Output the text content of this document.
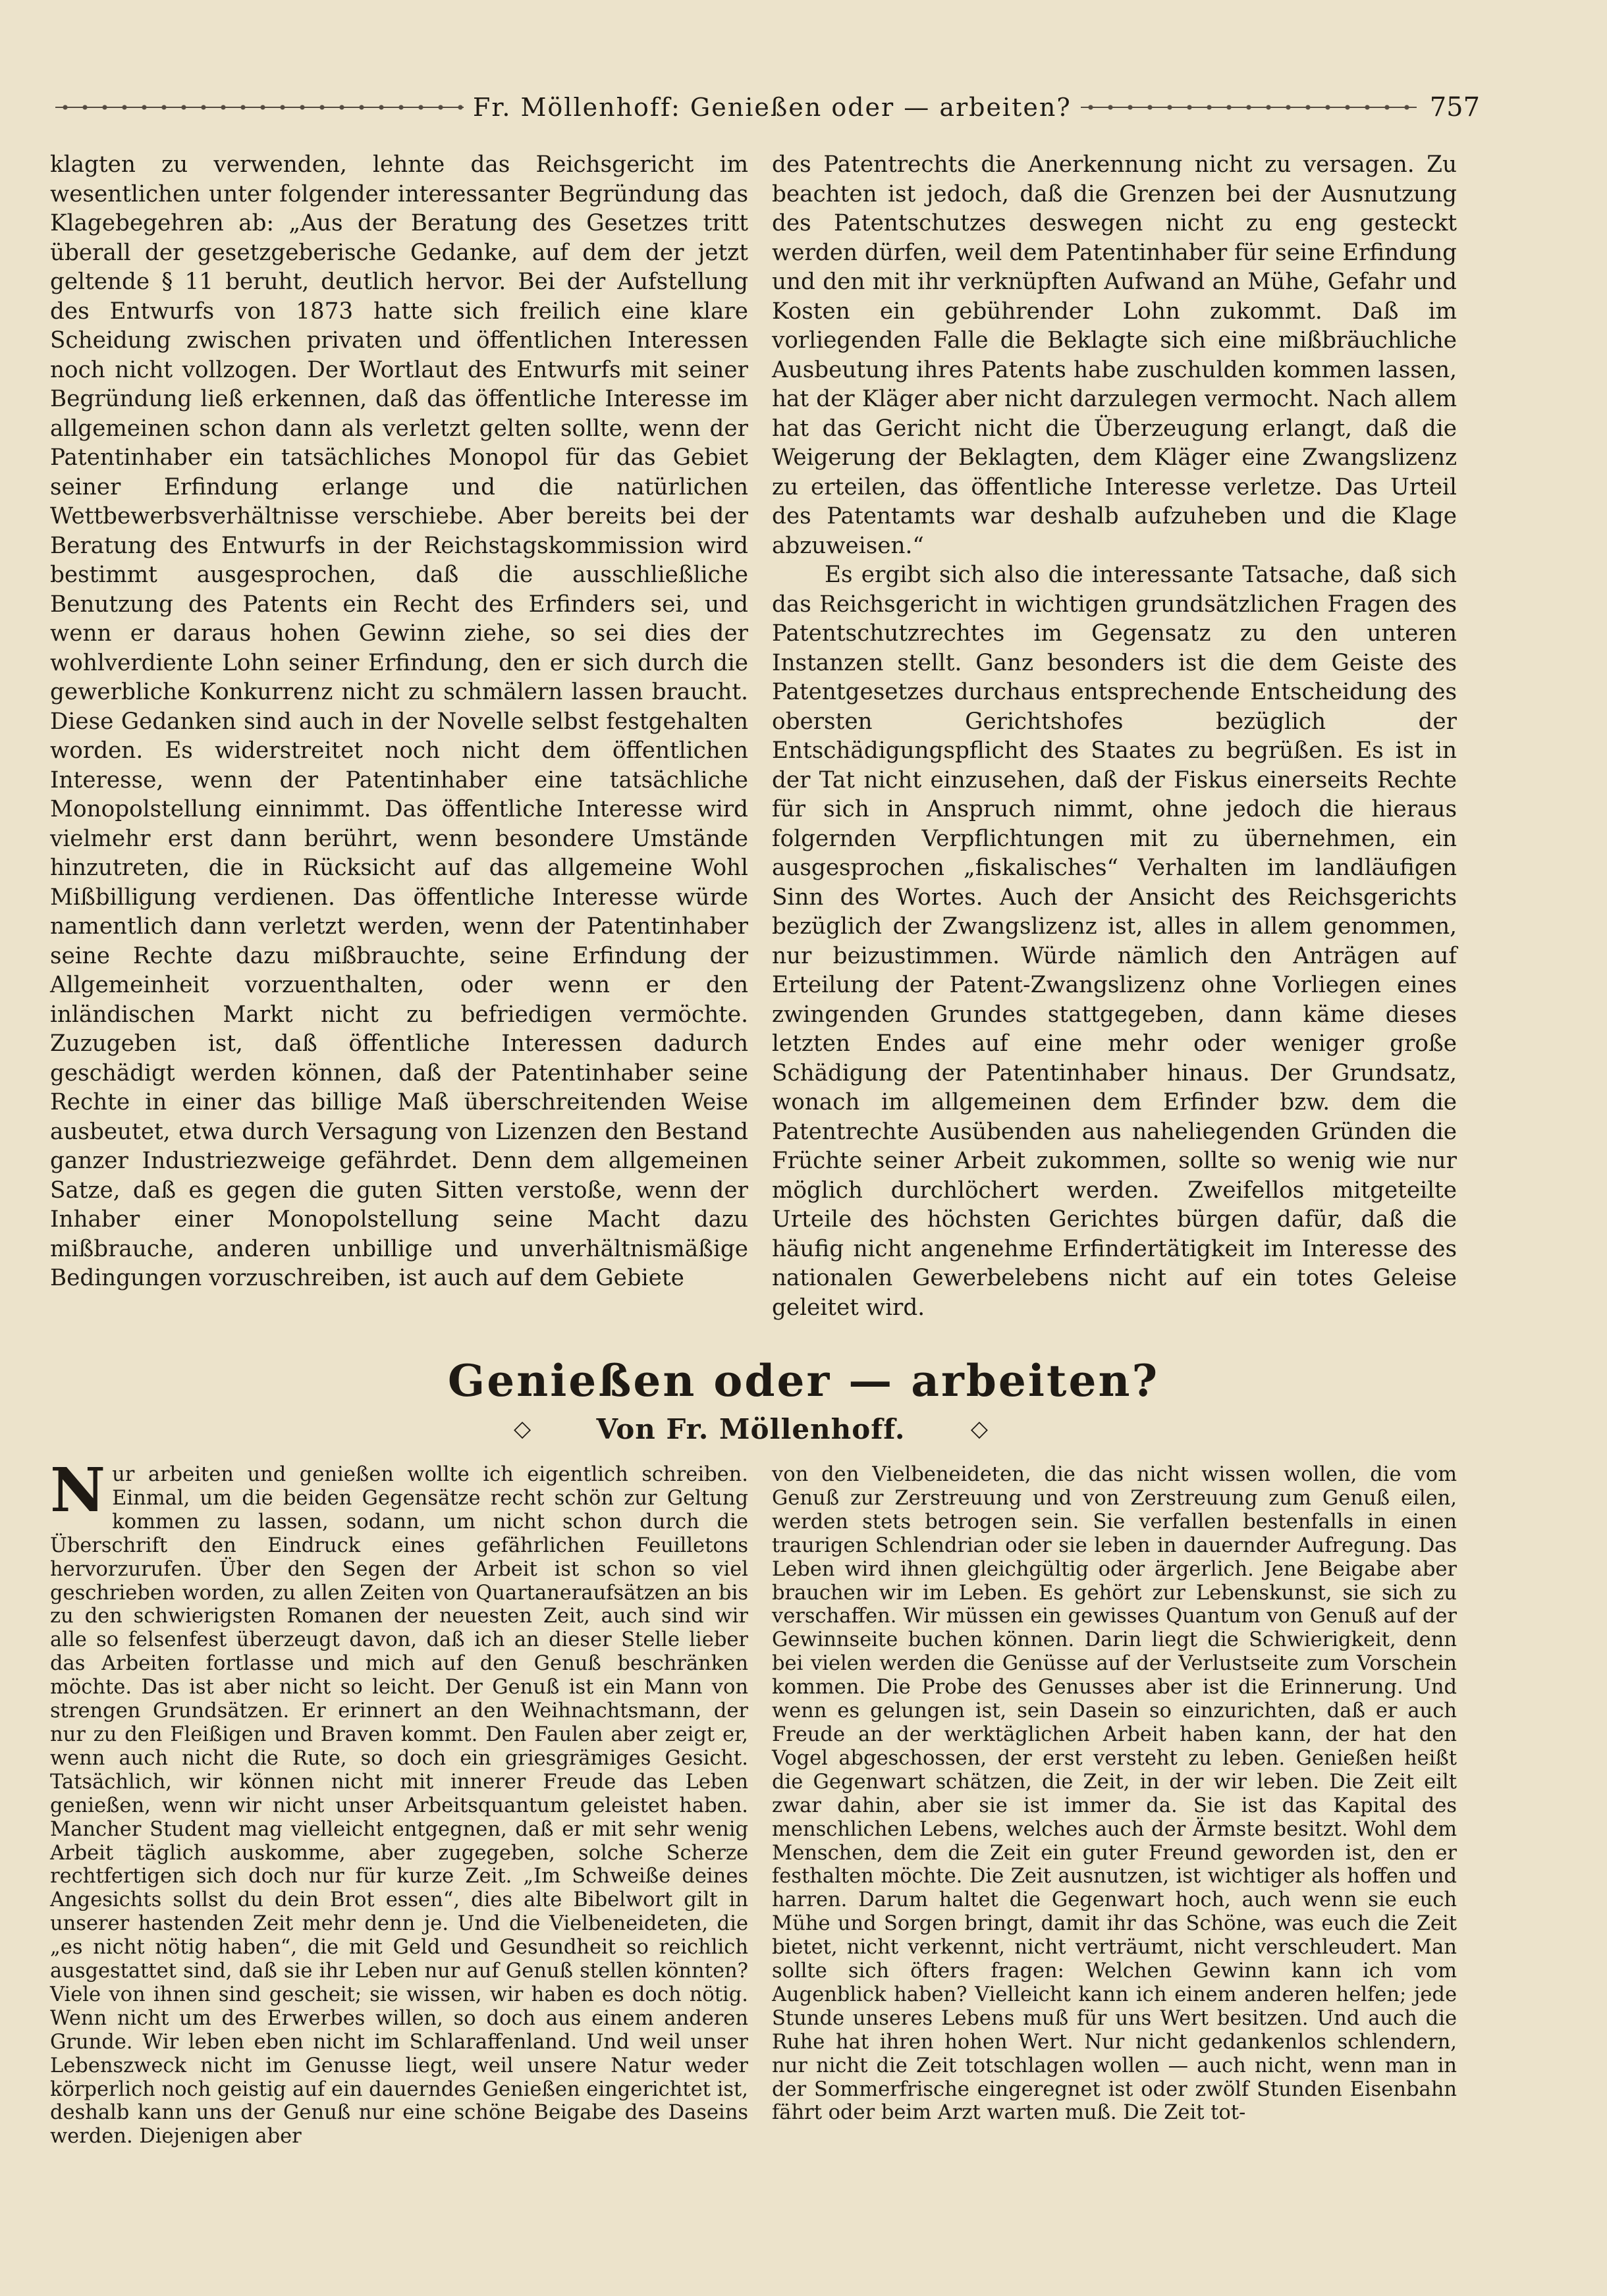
Fr. Möllenhoff: Genießen oder — arbeiten?	757

klagten zu verwenden, lehnte das Reichsgericht im wesentlichen unter folgender interessanter Begründung das Klagebegehren ab: „Aus der Beratung des Gesetzes tritt überall der gesetzgeberische Gedanke, auf dem der jetzt geltende § 11 beruht, deutlich hervor. Bei der Aufstellung des Entwurfs von 1873 hatte sich freilich eine klare Scheidung zwischen privaten und öffentlichen Interessen noch nicht vollzogen. Der Wortlaut des Entwurfs mit seiner Begründung ließ erkennen, daß das öffentliche Interesse im allgemeinen schon dann als verletzt gelten sollte, wenn der Patentinhaber ein tatsächliches Monopol für das Gebiet seiner Erfindung erlange und die natürlichen Wettbewerbsverhältnisse verschiebe. Aber bereits bei der Beratung des Entwurfs in der Reichstagskommission wird bestimmt ausgesprochen, daß die ausschließliche Benutzung des Patents ein Recht des Erfinders sei, und wenn er daraus hohen Gewinn ziehe, so sei dies der wohlverdiente Lohn seiner Erfindung, den er sich durch die gewerbliche Konkurrenz nicht zu schmälern lassen braucht. Diese Gedanken sind auch in der Novelle selbst festgehalten worden. Es widerstreitet noch nicht dem öffentlichen Interesse, wenn der Patentinhaber eine tatsächliche Monopolstellung einnimmt. Das öffentliche Interesse wird vielmehr erst dann berührt, wenn besondere Umstände hinzutreten, die in Rücksicht auf das allgemeine Wohl Mißbilligung verdienen. Das öffentliche Interesse würde namentlich dann verletzt werden, wenn der Patentinhaber seine Rechte dazu mißbrauchte, seine Erfindung der Allgemeinheit vorzuenthalten, oder wenn er den inländischen Markt nicht zu befriedigen vermöchte. Zuzugeben ist, daß öffentliche Interessen dadurch geschädigt werden können, daß der Patentinhaber seine Rechte in einer das billige Maß überschreitenden Weise ausbeutet, etwa durch Versagung von Lizenzen den Bestand ganzer Industriezweige gefährdet. Denn dem allgemeinen Satze, daß es gegen die guten Sitten verstoße, wenn der Inhaber einer Monopolstellung seine Macht dazu mißbrauche, anderen unbillige und unverhältnismäßige Bedingungen vorzuschreiben, ist auch auf dem Gebiete

des Patentrechts die Anerkennung nicht zu versagen. Zu beachten ist jedoch, daß die Grenzen bei der Ausnutzung des Patentschutzes deswegen nicht zu eng gesteckt werden dürfen, weil dem Patentinhaber für seine Erfindung und den mit ihr verknüpften Aufwand an Mühe, Gefahr und Kosten ein gebührender Lohn zukommt. Daß im vorliegenden Falle die Beklagte sich eine mißbräuchliche Ausbeutung ihres Patents habe zuschulden kommen lassen, hat der Kläger aber nicht darzulegen vermocht. Nach allem hat das Gericht nicht die Überzeugung erlangt, daß die Weigerung der Beklagten, dem Kläger eine Zwangslizenz zu erteilen, das öffentliche Interesse verletze. Das Urteil des Patentamts war deshalb aufzuheben und die Klage abzuweisen.“

Es ergibt sich also die interessante Tatsache, daß sich das Reichsgericht in wichtigen grundsätzlichen Fragen des Patentschutzrechtes im Gegensatz zu den unteren Instanzen stellt. Ganz besonders ist die dem Geiste des Patentgesetzes durchaus entsprechende Entscheidung des obersten Gerichtshofes bezüglich der Entschädigungspflicht des Staates zu begrüßen. Es ist in der Tat nicht einzusehen, daß der Fiskus einerseits Rechte für sich in Anspruch nimmt, ohne jedoch die hieraus folgernden Verpflichtungen mit zu übernehmen, ein ausgesprochen „fiskalisches“ Verhalten im landläufigen Sinn des Wortes. Auch der Ansicht des Reichsgerichts bezüglich der Zwangslizenz ist, alles in allem genommen, nur beizustimmen. Würde nämlich den Anträgen auf Erteilung der Patent-Zwangslizenz ohne Vorliegen eines zwingenden Grundes stattgegeben, dann käme dieses letzten Endes auf eine mehr oder weniger große Schädigung der Patentinhaber hinaus. Der Grundsatz, wonach im allgemeinen dem Erfinder bzw. dem die Patentrechte Ausübenden aus naheliegenden Gründen die Früchte seiner Arbeit zukommen, sollte so wenig wie nur möglich durchlöchert werden. Zweifellos mitgeteilte Urteile des höchsten Gerichtes bürgen dafür, daß die häufig nicht angenehme Erfindertätigkeit im Interesse des nationalen Gewerbelebens nicht auf ein totes Geleise geleitet wird.

Genießen oder — arbeiten?
◇ Von Fr. Möllenhoff.	◇
N ur arbeiten und genießen wollte ich eigentlich schreiben. Einmal, um die beiden Gegensätze recht schön zur Geltung kommen zu lassen, sodann, um nicht schon durch die Überschrift den Eindruck eines gefährlichen Feuilletons hervorzurufen. Über den Segen der Arbeit ist schon so viel geschrieben worden, zu allen Zeiten von Quartaneraufsätzen an bis zu den schwierigsten Romanen der neuesten Zeit, auch sind wir alle so felsenfest überzeugt davon, daß ich an dieser Stelle lieber das Arbeiten fortlasse und mich auf den Genuß beschränken möchte. Das ist aber nicht so leicht. Der Genuß ist ein Mann von strengen Grundsätzen. Er erinnert an den Weihnachtsmann, der nur zu den Fleißigen und Braven kommt. Den Faulen aber zeigt er, wenn auch nicht die Rute, so doch ein griesgrämiges Gesicht. Tatsächlich, wir können nicht mit innerer Freude das Leben genießen, wenn wir nicht unser Arbeitsquantum geleistet haben. Mancher Student mag vielleicht entgegnen, daß er mit sehr wenig Arbeit täglich auskomme, aber zugegeben, solche Scherze rechtfertigen sich doch nur für kurze Zeit. „Im Schweiße deines Angesichts sollst du dein Brot essen“, dies alte Bibelwort gilt in unserer hastenden Zeit mehr denn je. Und die Vielbeneideten, die „es nicht nötig haben“, die mit Geld und Gesundheit so reichlich ausgestattet sind, daß sie ihr Leben nur auf Genuß stellen könnten? Viele von ihnen sind gescheit; sie wissen, wir haben es doch nötig. Wenn nicht um des Erwerbes willen, so doch aus einem anderen Grunde. Wir leben eben nicht im Schlaraffenland. Und weil unser Lebenszweck nicht im Genusse liegt, weil unsere Natur weder körperlich noch geistig auf ein dauerndes Genießen eingerichtet ist, deshalb kann uns der Genuß nur eine schöne Beigabe des Daseins werden. Diejenigen aber
von den Vielbeneideten, die das nicht wissen wollen, die vom Genuß zur Zerstreuung und von Zerstreuung zum Genuß eilen, werden stets betrogen sein. Sie verfallen bestenfalls in einen traurigen Schlendrian oder sie leben in dauernder Aufregung. Das Leben wird ihnen gleichgültig oder ärgerlich. Jene Beigabe aber brauchen wir im Leben. Es gehört zur Lebenskunst, sie sich zu verschaffen. Wir müssen ein gewisses Quantum von Genuß auf der Gewinnseite buchen können. Darin liegt die Schwierigkeit, denn bei vielen werden die Genüsse auf der Verlustseite zum Vorschein kommen. Die Probe des Genusses aber ist die Erinnerung. Und wenn es gelungen ist, sein Dasein so einzurichten, daß er auch Freude an der werktäglichen Arbeit haben kann, der hat den Vogel abgeschossen, der erst versteht zu leben. Genießen heißt die Gegenwart schätzen, die Zeit, in der wir leben. Die Zeit eilt zwar dahin, aber sie ist immer da. Sie ist das Kapital des menschlichen Lebens, welches auch der Ärmste besitzt. Wohl dem Menschen, dem die Zeit ein guter Freund geworden ist, den er festhalten möchte. Die Zeit ausnutzen, ist wichtiger als hoffen und harren. Darum haltet die Gegenwart hoch, auch wenn sie euch Mühe und Sorgen bringt, damit ihr das Schöne, was euch die Zeit bietet, nicht verkennt, nicht verträumt, nicht verschleudert. Man sollte sich öfters fragen: Welchen Gewinn kann ich vom Augenblick haben? Vielleicht kann ich einem anderen helfen; jede Stunde unseres Lebens muß für uns Wert besitzen. Und auch die Ruhe hat ihren hohen Wert. Nur nicht gedankenlos schlendern, nur nicht die Zeit totschlagen wollen — auch nicht, wenn man in der Sommerfrische eingeregnet ist oder zwölf Stunden Eisenbahn fährt oder beim Arzt warten muß. Die Zeit tot-
